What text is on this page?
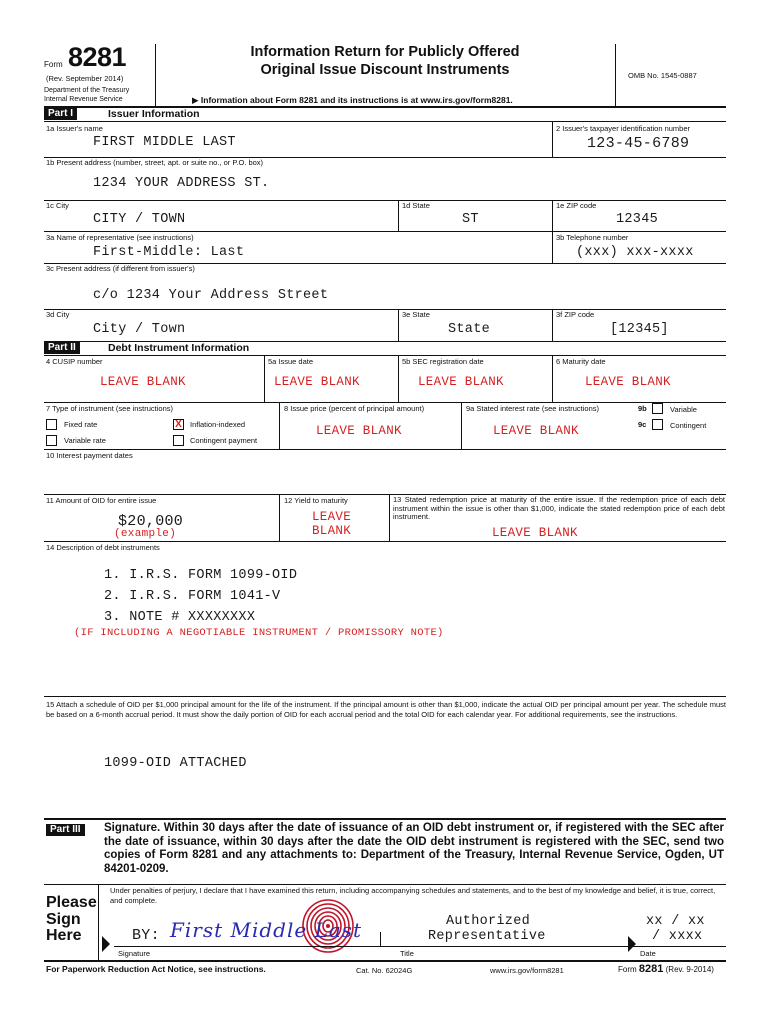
Form 8281
(Rev. September 2014)
Department of the Treasury
Internal Revenue Service
Information Return for Publicly Offered
Original Issue Discount Instruments
▶ Information about Form 8281 and its instructions is at www.irs.gov/form8281.
OMB No. 1545-0887
Part I	Issuer Information
1a Issuer's name	2 Issuer's taxpayer identification number
FIRST MIDDLE LAST	123-45-6789
1b Present address (number, street, apt. or suite no., or P.O. box)
1234 YOUR ADDRESS ST.
1c City	1d State	1e ZIP code
CITY / TOWN	ST	12345
3a Name of representative (see instructions)	3b Telephone number
First-Middle: Last	(xxx) xxx-xxxx
3c Present address (if different from issuer's)
c/o 1234 Your Address Street
3d City	3e State	3f ZIP code
City / Town	State	[12345]
Part II	Debt Instrument Information
4 CUSIP number	5a Issue date	5b SEC registration date	6 Maturity date
LEAVE BLANK	LEAVE BLANK	LEAVE BLANK	LEAVE BLANK
7 Type of instrument (see instructions)
Fixed rate	X Inflation-indexed
Variable rate	Contingent payment
8 Issue price (percent of principal amount)
LEAVE BLANK
9a Stated interest rate (see instructions)
LEAVE BLANK
9b	Variable
9c	Contingent
10 Interest payment dates
11 Amount of OID for entire issue
$20,000
(example)
12 Yield to maturity
LEAVE
BLANK
13 Stated redemption price at maturity of the entire issue. If the redemption price of each debt instrument within the issue is other than $1,000, indicate the stated redemption price of each debt instrument.
LEAVE BLANK
14 Description of debt instruments
1. I.R.S. FORM 1099-OID
2. I.R.S. FORM 1041-V
3. NOTE # XXXXXXXX
(IF INCLUDING A NEGOTIABLE INSTRUMENT / PROMISSORY NOTE)
15 Attach a schedule of OID per $1,000 principal amount for the life of the instrument. If the principal amount is other than $1,000, indicate the actual OID per principal amount per year. The schedule must be based on a 6-month accrual period. It must show the daily portion of OID for each accrual period and the total OID for each calendar year. For additional requirements, see the instructions.
1099-OID ATTACHED
Part III	Signature. Within 30 days after the date of issuance of an OID debt instrument or, if registered with the SEC after the date of issuance, within 30 days after the date the OID debt instrument is registered with the SEC, send two copies of Form 8281 and any attachments to: Department of the Treasury, Internal Revenue Service, Ogden, UT 84201-0209.
Please
Sign
Here
Under penalties of perjury, I declare that I have examined this return, including accompanying schedules and statements, and to the best of my knowledge and belief, it is true, correct, and complete.
BY: First Middle Last	Authorized
Representative
xx / xx
/ xxxx
Signature	Title	Date
For Paperwork Reduction Act Notice, see instructions.	Cat. No. 62024G	www.irs.gov/form8281	Form 8281 (Rev. 9-2014)
